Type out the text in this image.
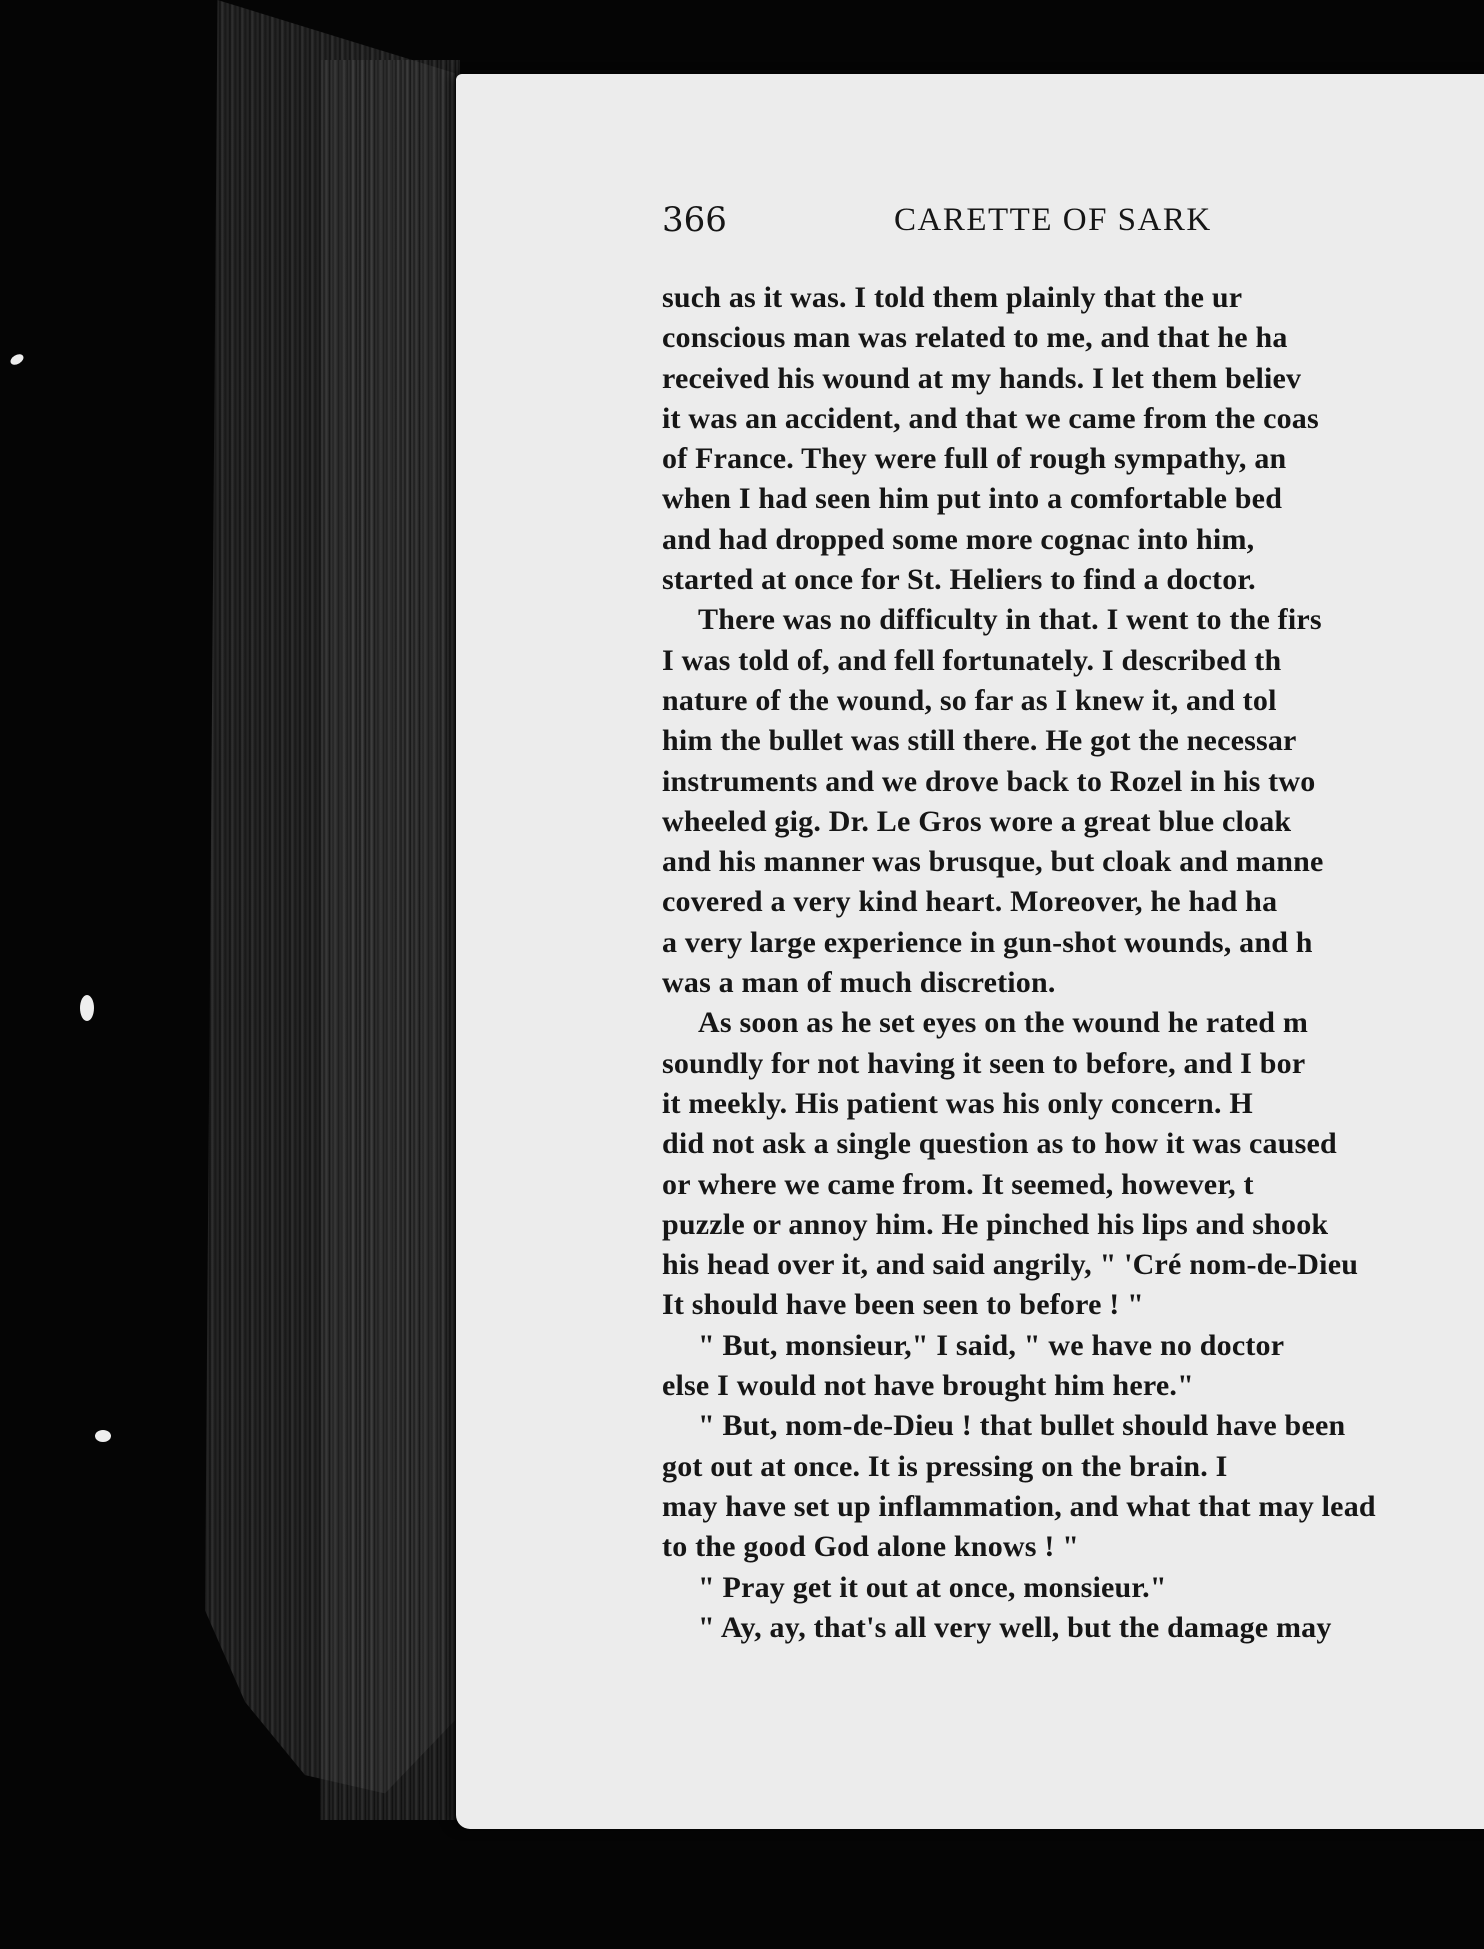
366	CARETTE OF SARK
such as it was. I told them plainly that the ur
conscious man was related to me, and that he ha
received his wound at my hands. I let them believ
it was an accident, and that we came from the coas
of France. They were full of rough sympathy, an
when I had seen him put into a comfortable bed
and had dropped some more cognac into him,
started at once for St. Heliers to find a doctor.
There was no difficulty in that. I went to the firs
I was told of, and fell fortunately. I described th
nature of the wound, so far as I knew it, and tol
him the bullet was still there. He got the necessar
instruments and we drove back to Rozel in his two
wheeled gig. Dr. Le Gros wore a great blue cloak
and his manner was brusque, but cloak and manne
covered a very kind heart. Moreover, he had ha
a very large experience in gun-shot wounds, and h
was a man of much discretion.
As soon as he set eyes on the wound he rated m
soundly for not having it seen to before, and I bor
it meekly. His patient was his only concern. H
did not ask a single question as to how it was caused
or where we came from. It seemed, however, t
puzzle or annoy him. He pinched his lips and shook
his head over it, and said angrily, " 'Cré nom-de-Dieu
It should have been seen to before ! "
" But, monsieur," I said, " we have no doctor
else I would not have brought him here."
" But, nom-de-Dieu ! that bullet should have been
got out at once. It is pressing on the brain. I
may have set up inflammation, and what that may lead
to the good God alone knows ! "
" Pray get it out at once, monsieur."
" Ay, ay, that's all very well, but the damage may
